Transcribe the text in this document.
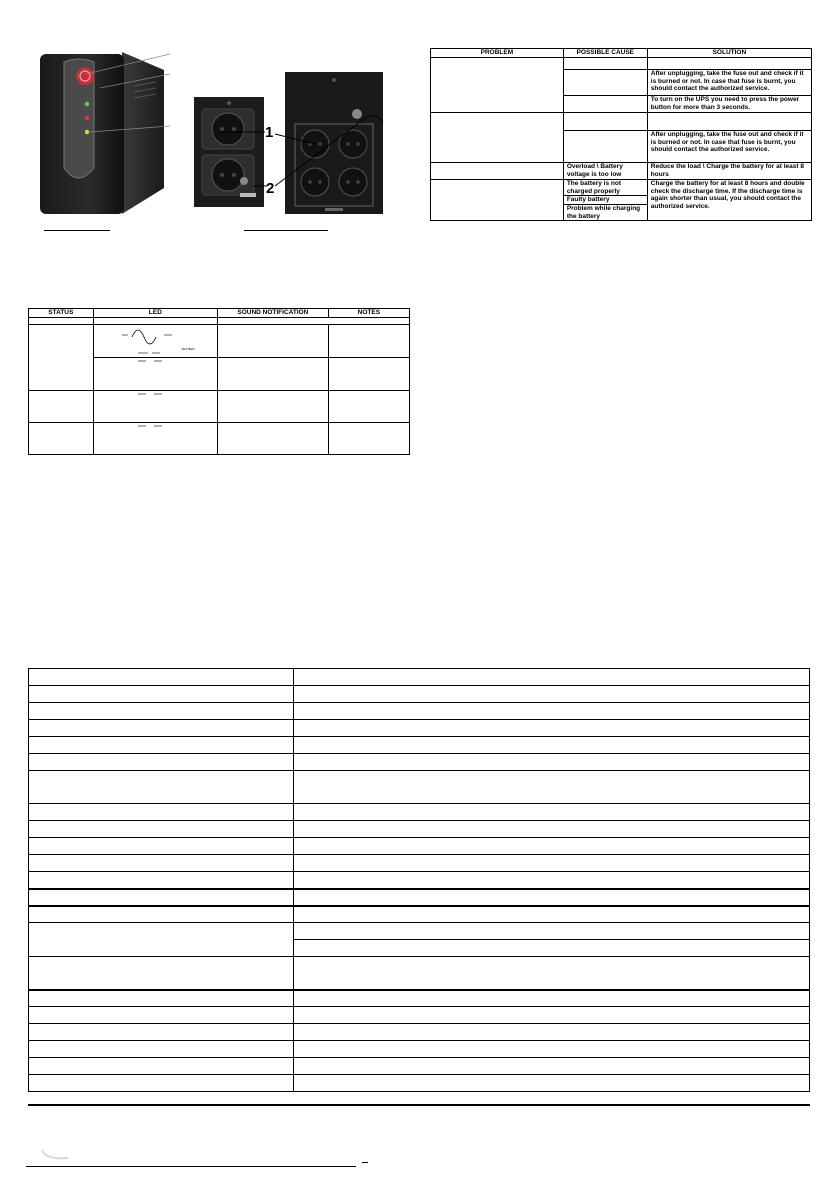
1
2
STATUS	LED	SOUND NOTIFICATION	NOTES

	BATTERY		

PROBLEM	POSSIBLE CAUSE	SOLUTION

		After unplugging, take the fuse out and check if it is burned or not. In case that fuse is burnt, you should contact the authorized service.
		To turn on the UPS you need to press the power button for more than 3 seconds.

		After unplugging, take the fuse out and check if it is burned or not. In case that fuse is burnt, you should contact the authorized service.
	Overload \ Battery voltage is too low	Reduce the load \ Charge the battery for at least 8 hours
	The battery is not charged properly	Charge the battery for at least 8 hours and double check the discharge time. If the discharge time is again shorter than usual, you should contact the authorized service.
	Faulty battery	
	Problem while charging the battery	
